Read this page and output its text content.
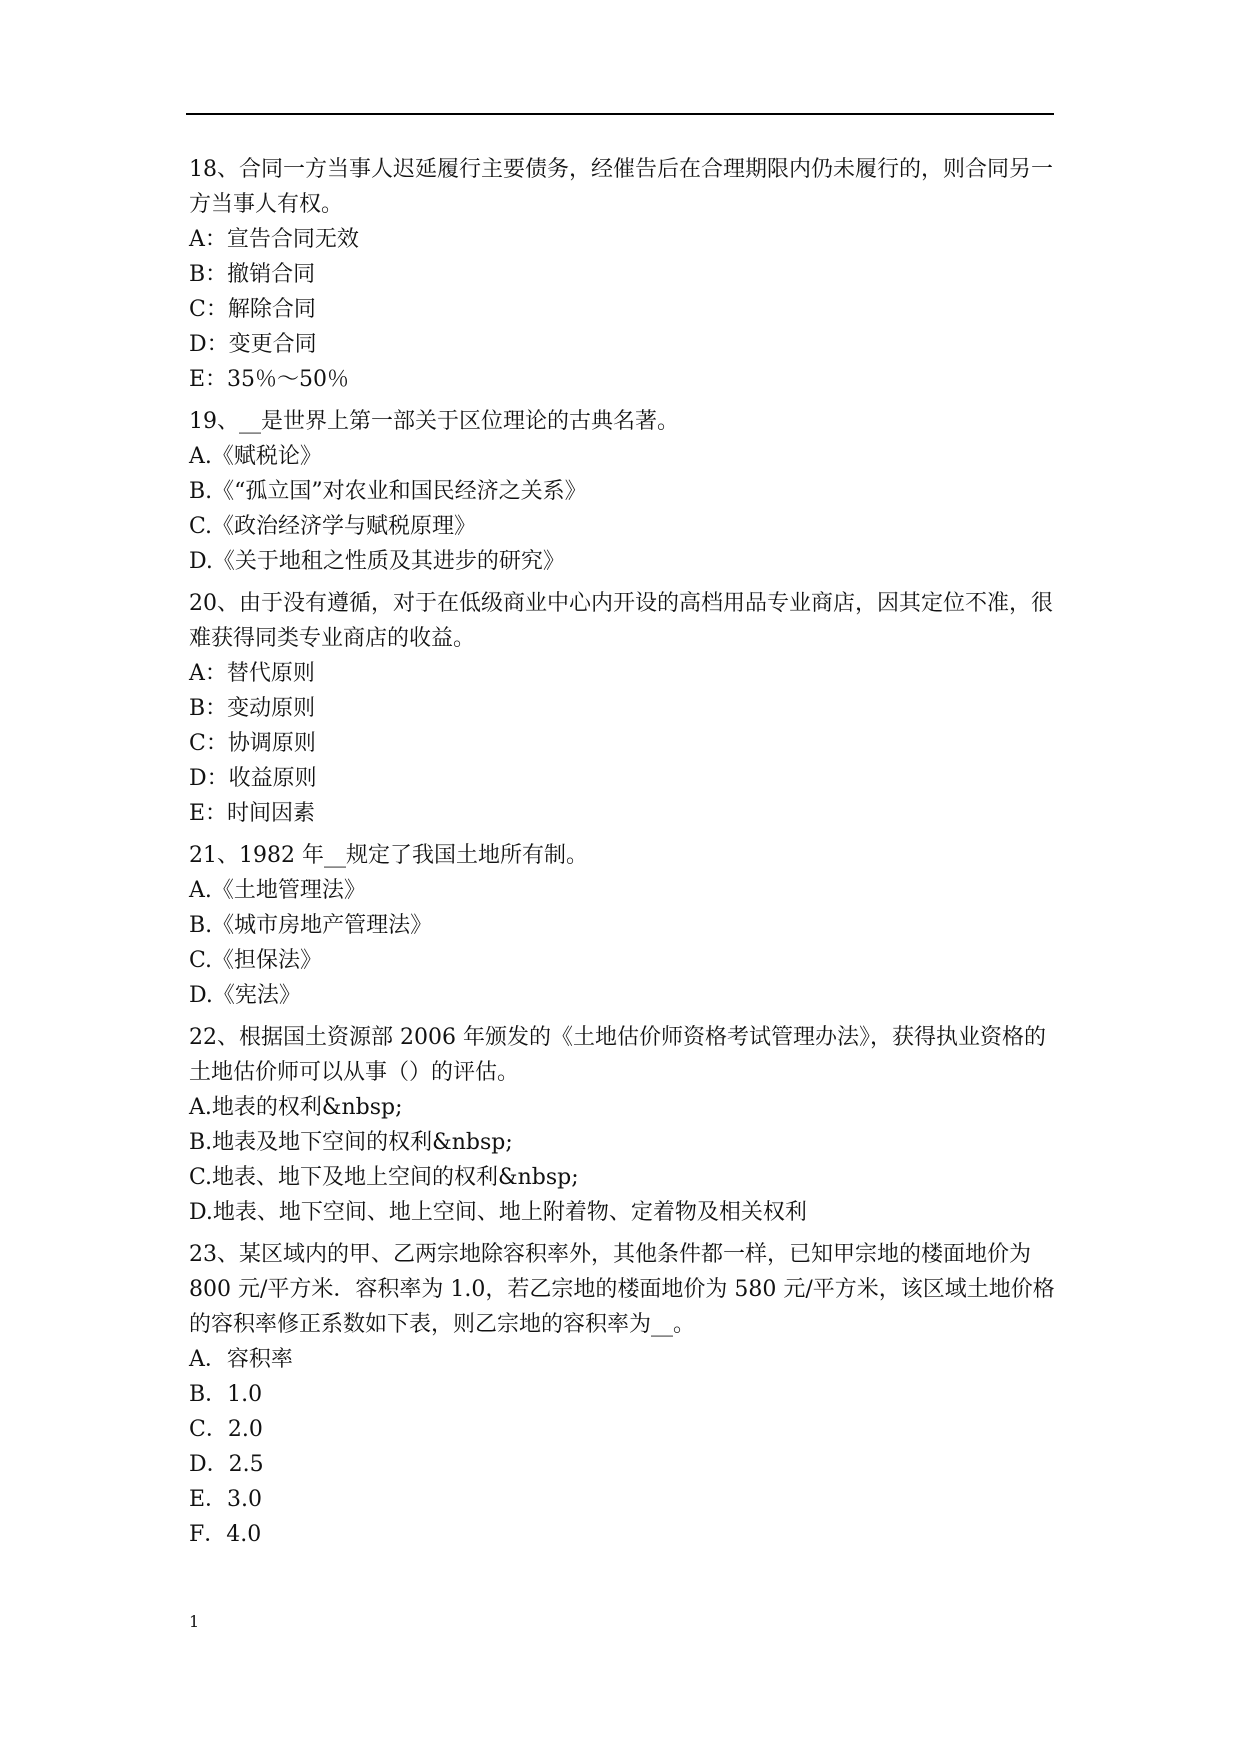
18、合同一方当事人迟延履行主要债务，经催告后在合理期限内仍未履行的，则合同另一方当事人有权。
A：宣告合同无效
B：撤销合同
C：解除合同
D：变更合同
E：35％～50％
19、__是世界上第一部关于区位理论的古典名著。
A.《赋税论》
B.《“孤立国”对农业和国民经济之关系》
C.《政治经济学与赋税原理》
D.《关于地租之性质及其进步的研究》
20、由于没有遵循，对于在低级商业中心内开设的高档用品专业商店，因其定位不准，很难获得同类专业商店的收益。
A：替代原则
B：变动原则
C：协调原则
D：收益原则
E：时间因素
21、1982 年__规定了我国土地所有制。
A.《土地管理法》
B.《城市房地产管理法》
C.《担保法》
D.《宪法》
22、根据国土资源部 2006 年颁发的《土地估价师资格考试管理办法》，获得执业资格的土地估价师可以从事（）的评估。
A.地表的权利&nbsp;
B.地表及地下空间的权利&nbsp;
C.地表、地下及地上空间的权利&nbsp;
D.地表、地下空间、地上空间、地上附着物、定着物及相关权利
23、某区域内的甲、乙两宗地除容积率外，其他条件都一样，已知甲宗地的楼面地价为 800 元/平方米．容积率为 1.0，若乙宗地的楼面地价为 580 元/平方米，该区域土地价格的容积率修正系数如下表，则乙宗地的容积率为__。
A．容积率
B．1.0
C．2.0
D．2.5
E．3.0
F．4.0
1
